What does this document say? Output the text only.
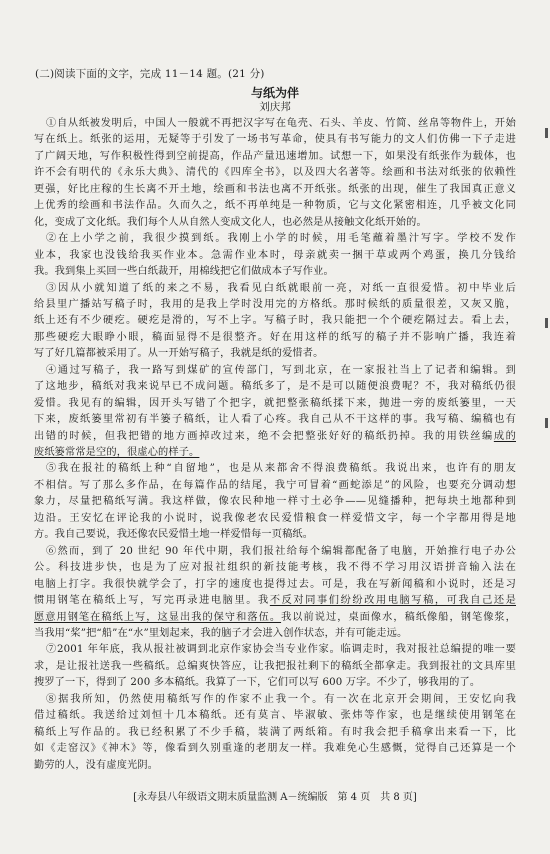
(二)阅读下面的文字，完成 11－14 题。(21 分)
与纸为伴
刘庆邦
①自从纸被发明后，中国人一般就不再把汉字写在龟壳、石头、羊皮、竹简、丝帛等物件上，开始
写在纸上。纸张的运用，无疑等于引发了一场书写革命，使具有书写能力的文人们仿佛一下子走进
了广阔天地，写作积极性得到空前提高，作品产量迅速增加。试想一下，如果没有纸张作为载体，也
许不会有明代的《永乐大典》、清代的《四库全书》，以及四大名著等。绘画和书法对纸张的依赖性
更强，好比庄稼的生长离不开土地，绘画和书法也离不开纸张。纸张的出现，催生了我国真正意义
上优秀的绘画和书法作品。久而久之，纸不再单纯是一种物质，它与文化紧密相连，几乎被文化同
化，变成了文化纸。我们每个人从自然人变成文化人，也必然是从接触文化纸开始的。
②在上小学之前，我很少摸到纸。我刚上小学的时候，用毛笔蘸着墨汁写字。学校不发作
业本，我家也没钱给我买作业本。急需作业本时，母亲就卖一捆干草或两个鸡蛋，换几分钱给
我。我到集上买回一些白纸裁开，用棉线把它们做成本子写作业。
③因从小就知道了纸的来之不易，我看见白纸就眼前一亮，对纸一直很爱惜。初中毕业后
给县里广播站写稿子时，我用的是我上学时没用完的方格纸。那时候纸的质量很差，又灰又脆，
纸上还有不少硬疙。硬疙是滑的，写不上字。写稿子时，我只能把一个个硬疙隔过去。看上去，
那些硬疙大眼睁小眼，稿面显得不是很整齐。好在用这样的纸写的稿子并不影响广播，我连着
写了好几篇都被采用了。从一开始写稿子，我就是纸的爱惜者。
④通过写稿子，我一路写到煤矿的宣传部门，写到北京，在一家报社当上了记者和编辑。到
了这地步，稿纸对我来说早已不成问题。稿纸多了，是不是可以随便浪费呢？不，我对稿纸仍很
爱惜。我见有的编辑，因开头写错了个把字，就把整张稿纸揉下来，抛进一旁的废纸篓里，一天
下来，废纸篓里常初有半篓子稿纸，让人看了心疼。我自己从不干这样的事。我写稿、编稿也有
出错的时候，但我把错的地方画掉改过来，绝不会把整张好好的稿纸扔掉。我的用铁丝编成的
废纸篓常常是空的，很虚心的样子。
⑤我在报社的稿纸上种“自留地”，也是从来都舍不得浪费稿纸。我说出来，也许有的朋友
不相信。写了那么多作品，在每篇作品的结尾，我宁可冒着“画蛇添足”的风险，也要充分调动想
象力，尽量把稿纸写满。我这样做，像农民种地一样寸土必争——见缝播种，把每块土地都种到
边沿。王安忆在评论我的小说时，说我像老农民爱惜粮食一样爱惜文字，每一个字都用得是地
方。我自己要说，我还像农民爱惜土地一样爱惜每一页稿纸。
⑥然而，到了 20 世纪 90 年代中期，我们报社给每个编辑都配备了电脑，开始推行电子办公
公。科技进步快，也是为了应对报社组织的新技能考核，我不得不学习用汉语拼音输入法在
电脑上打字。我很快就学会了，打字的速度也提得过去。可是，我在写新闻稿和小说时，还是习
惯用钢笔在稿纸上写，写完再录进电脑里。我不反对同事们纷纷改用电脑写稿，可我自己还是
愿意用钢笔在稿纸上写，这显出我的保守和落伍。我以前说过，桌面像水，稿纸像船，钢笔像浆，
当我用“桨”把“船”在“水”里划起来，我的脑子才会进入创作状态，并有可能走远。
⑦2001 年年底，我从报社被调到北京作家协会当专业作家。临调走时，我对报社总编提的唯一要
求，是让报社送我一些稿纸。总编爽快答应，让我把报社剩下的稿纸全都拿走。我到报社的文具库里
搜罗了一下，得到了 200 多本稿纸。我算了一下，它们可以写 600 万字。不少了，够我用的了。
⑧据我所知，仍然使用稿纸写作的作家不止我一个。有一次在北京开会期间，王安忆向我
借过稿纸。我送给过刘恒十几本稿纸。还有莫言、毕淑敏、张炜等作家，也是继续使用钢笔在
稿纸上写作品的。我已经积累了不少手稿，装满了两纸箱。有时我会把手稿拿出来看一下，比
如《走窑汉》《神木》等，像看到久别重逢的老朋友一样。我难免心生感慨，觉得自己还算是一个
勤劳的人，没有虚度光阴。
[永寿县八年级语文期末质量监测 A－统编版　第 4 页　共 8 页]
